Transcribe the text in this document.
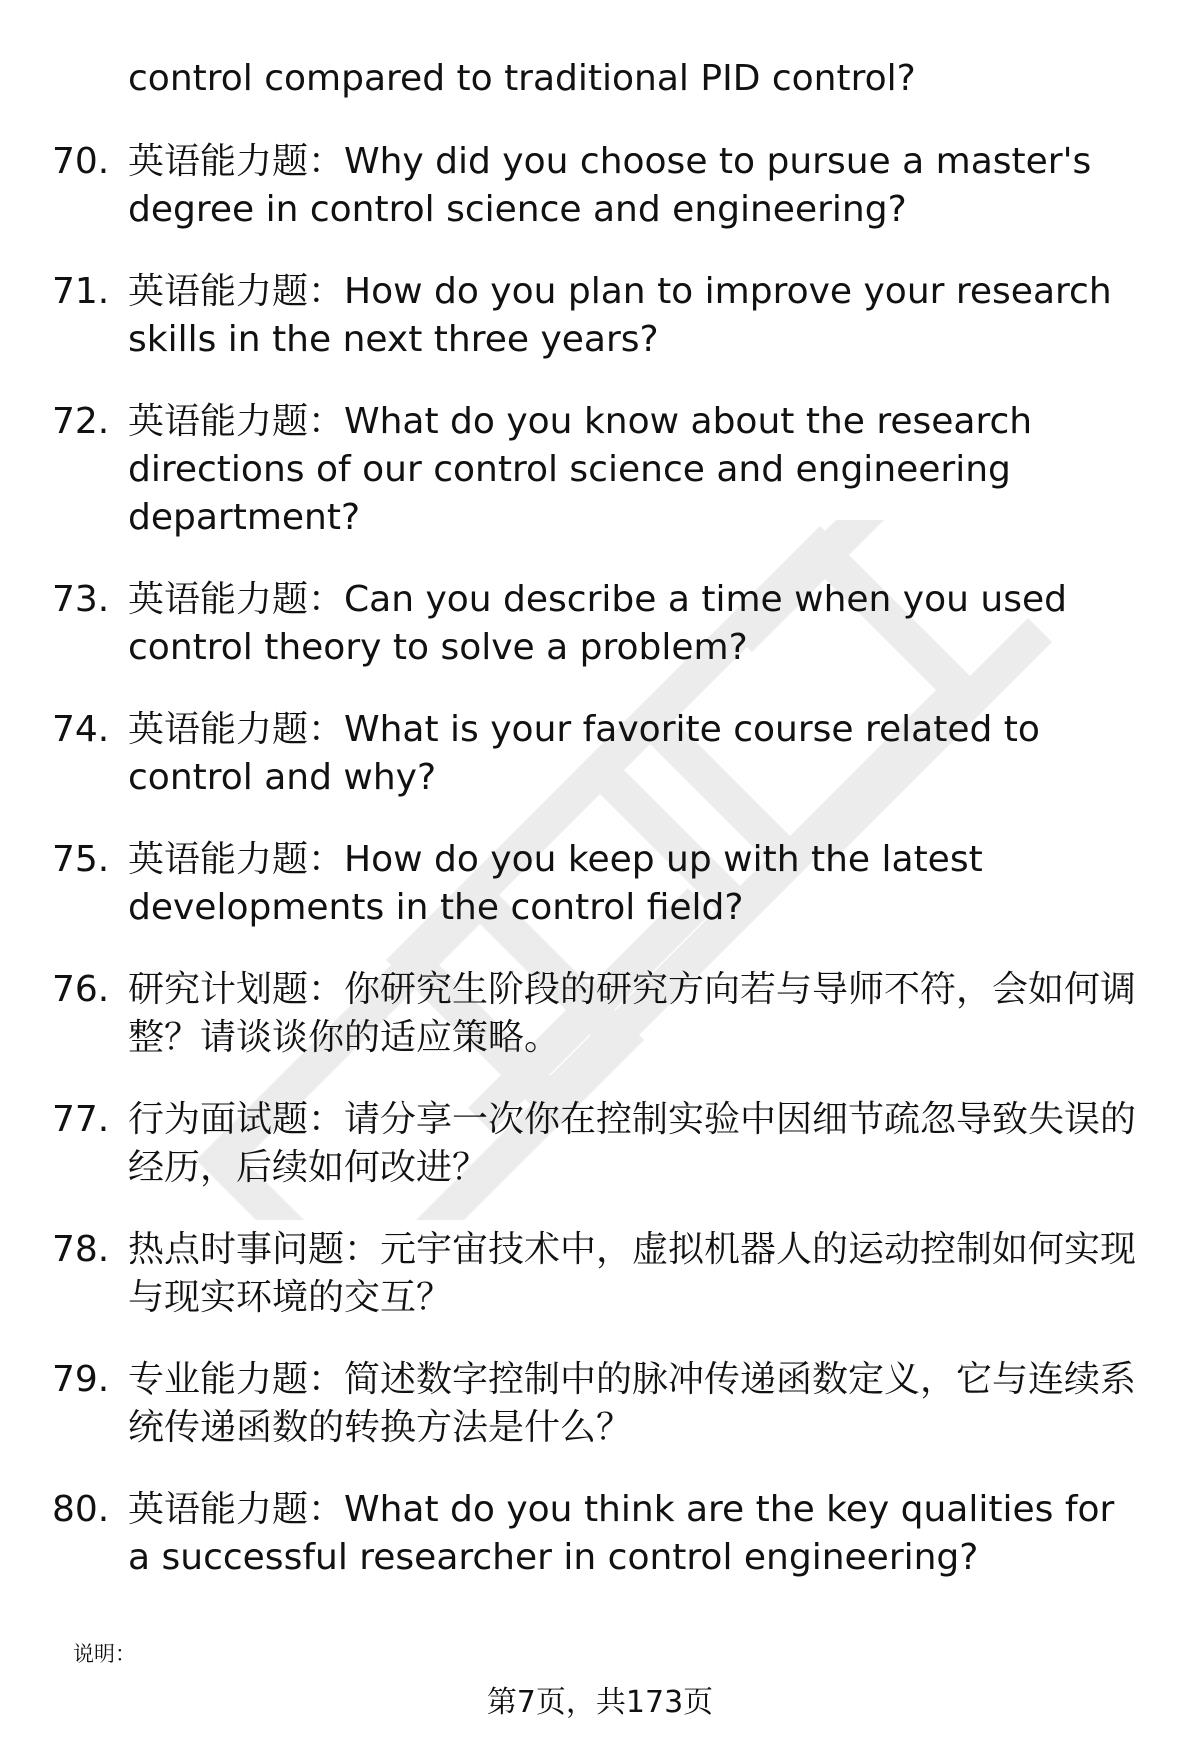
control compared to traditional PID control?

70. 英语能力题：Why did you choose to pursue a master's degree in control science and engineering?
71. 英语能力题：How do you plan to improve your research skills in the next three years?
72. 英语能力题：What do you know about the research directions of our control science and engineering department?
73. 英语能力题：Can you describe a time when you used control theory to solve a problem?
74. 英语能力题：What is your favorite course related to control and why?
75. 英语能力题：How do you keep up with the latest developments in the control field?
76. 研究计划题：你研究生阶段的研究方向若与导师不符，会如何调整？请谈谈你的适应策略。
77. 行为面试题：请分享一次你在控制实验中因细节疏忽导致失误的经历，后续如何改进？
78. 热点时事问题：元宇宙技术中，虚拟机器人的运动控制如何实现与现实环境的交互？
79. 专业能力题：简述数字控制中的脉冲传递函数定义，它与连续系统传递函数的转换方法是什么？
80. 英语能力题：What do you think are the key qualities for a successful researcher in control engineering?
说明：
第7页，共173页
